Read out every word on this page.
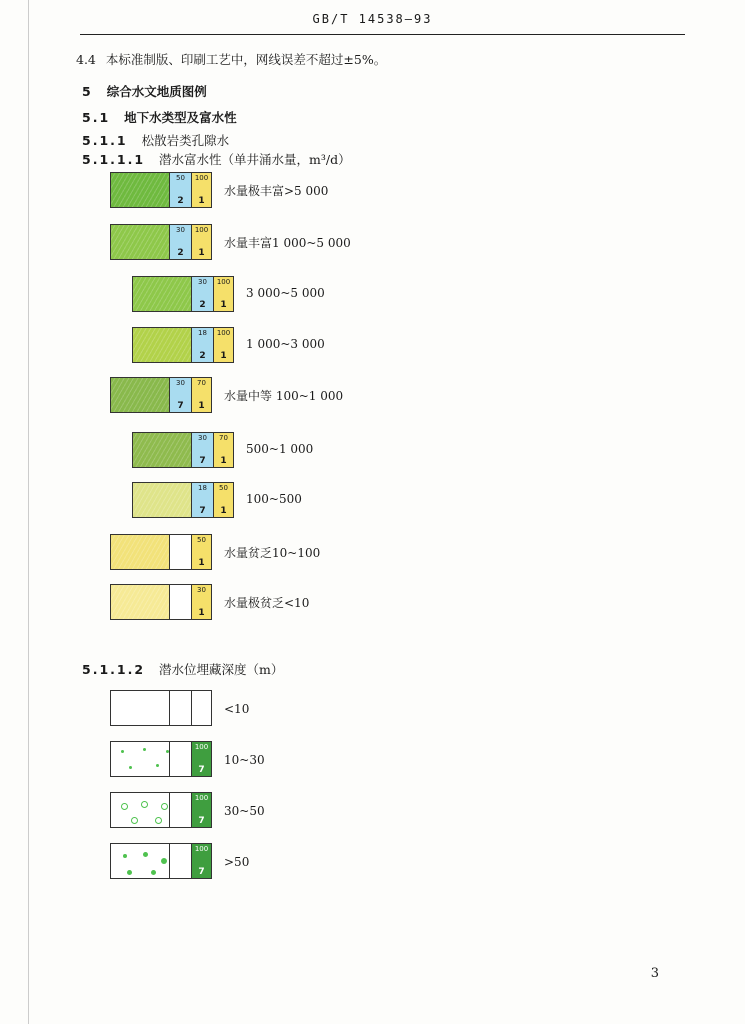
GB/T 14538—93
4.4 本标准制版、印刷工艺中，网线误差不超过±5%。
5 综合水文地质图例
5.1 地下水类型及富水性
5.1.1 松散岩类孔隙水
5.1.1.1 潜水富水性（单井涌水量，m³/d）
50
2
100
1
水量极丰富>5 000
30
2
100
1
水量丰富1 000~5 000
30
2
100
1
3 000~5 000
18
2
100
1
1 000~3 000
30
7
70
1
水量中等 100~1 000
30
7
70
1
500~1 000
18
7
50
1
100~500
50
1
水量贫乏10~100
30
1
水量极贫乏<10
5.1.1.2 潜水位埋藏深度（m）
<10
100
7
10~30
100
7
30~50
100
7
>50
3
